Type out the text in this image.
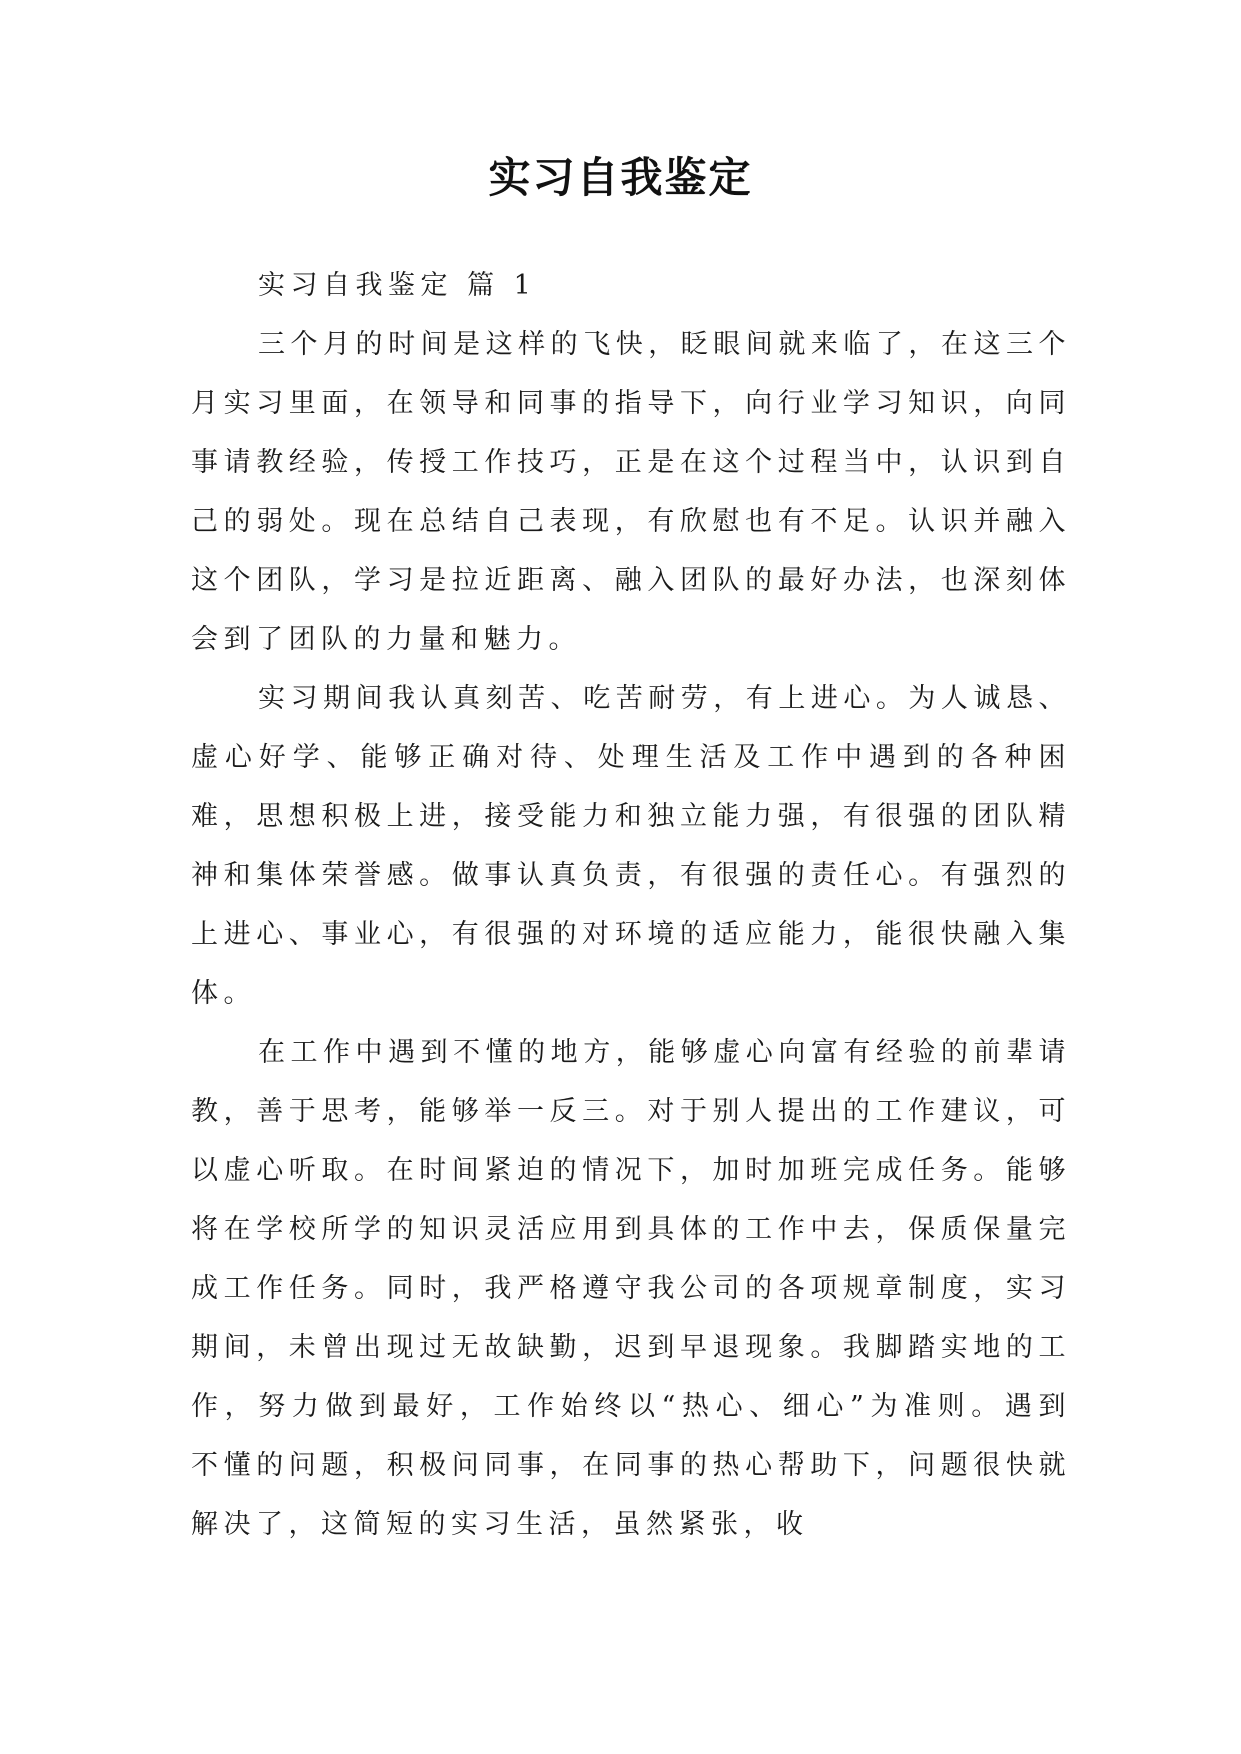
实习自我鉴定

实习自我鉴定 篇 1

三个月的时间是这样的飞快，眨眼间就来临了，在这三个月实习里面，在领导和同事的指导下，向行业学习知识，向同事请教经验，传授工作技巧，正是在这个过程当中，认识到自己的弱处。现在总结自己表现，有欣慰也有不足。认识并融入这个团队，学习是拉近距离、融入团队的最好办法，也深刻体会到了团队的力量和魅力。

实习期间我认真刻苦、吃苦耐劳，有上进心。为人诚恳、虚心好学、能够正确对待、处理生活及工作中遇到的各种困难，思想积极上进，接受能力和独立能力强，有很强的团队精神和集体荣誉感。做事认真负责，有很强的责任心。有强烈的上进心、事业心，有很强的对环境的适应能力，能很快融入集体。

在工作中遇到不懂的地方，能够虚心向富有经验的前辈请教，善于思考，能够举一反三。对于别人提出的工作建议，可以虚心听取。在时间紧迫的情况下，加时加班完成任务。能够将在学校所学的知识灵活应用到具体的工作中去，保质保量完成工作任务。同时，我严格遵守我公司的各项规章制度，实习期间，未曾出现过无故缺勤，迟到早退现象。我脚踏实地的工作，努力做到最好，工作始终以“热心、细心”为准则。遇到不懂的问题，积极问同事，在同事的热心帮助下，问题很快就解决了，这简短的实习生活，虽然紧张，收
